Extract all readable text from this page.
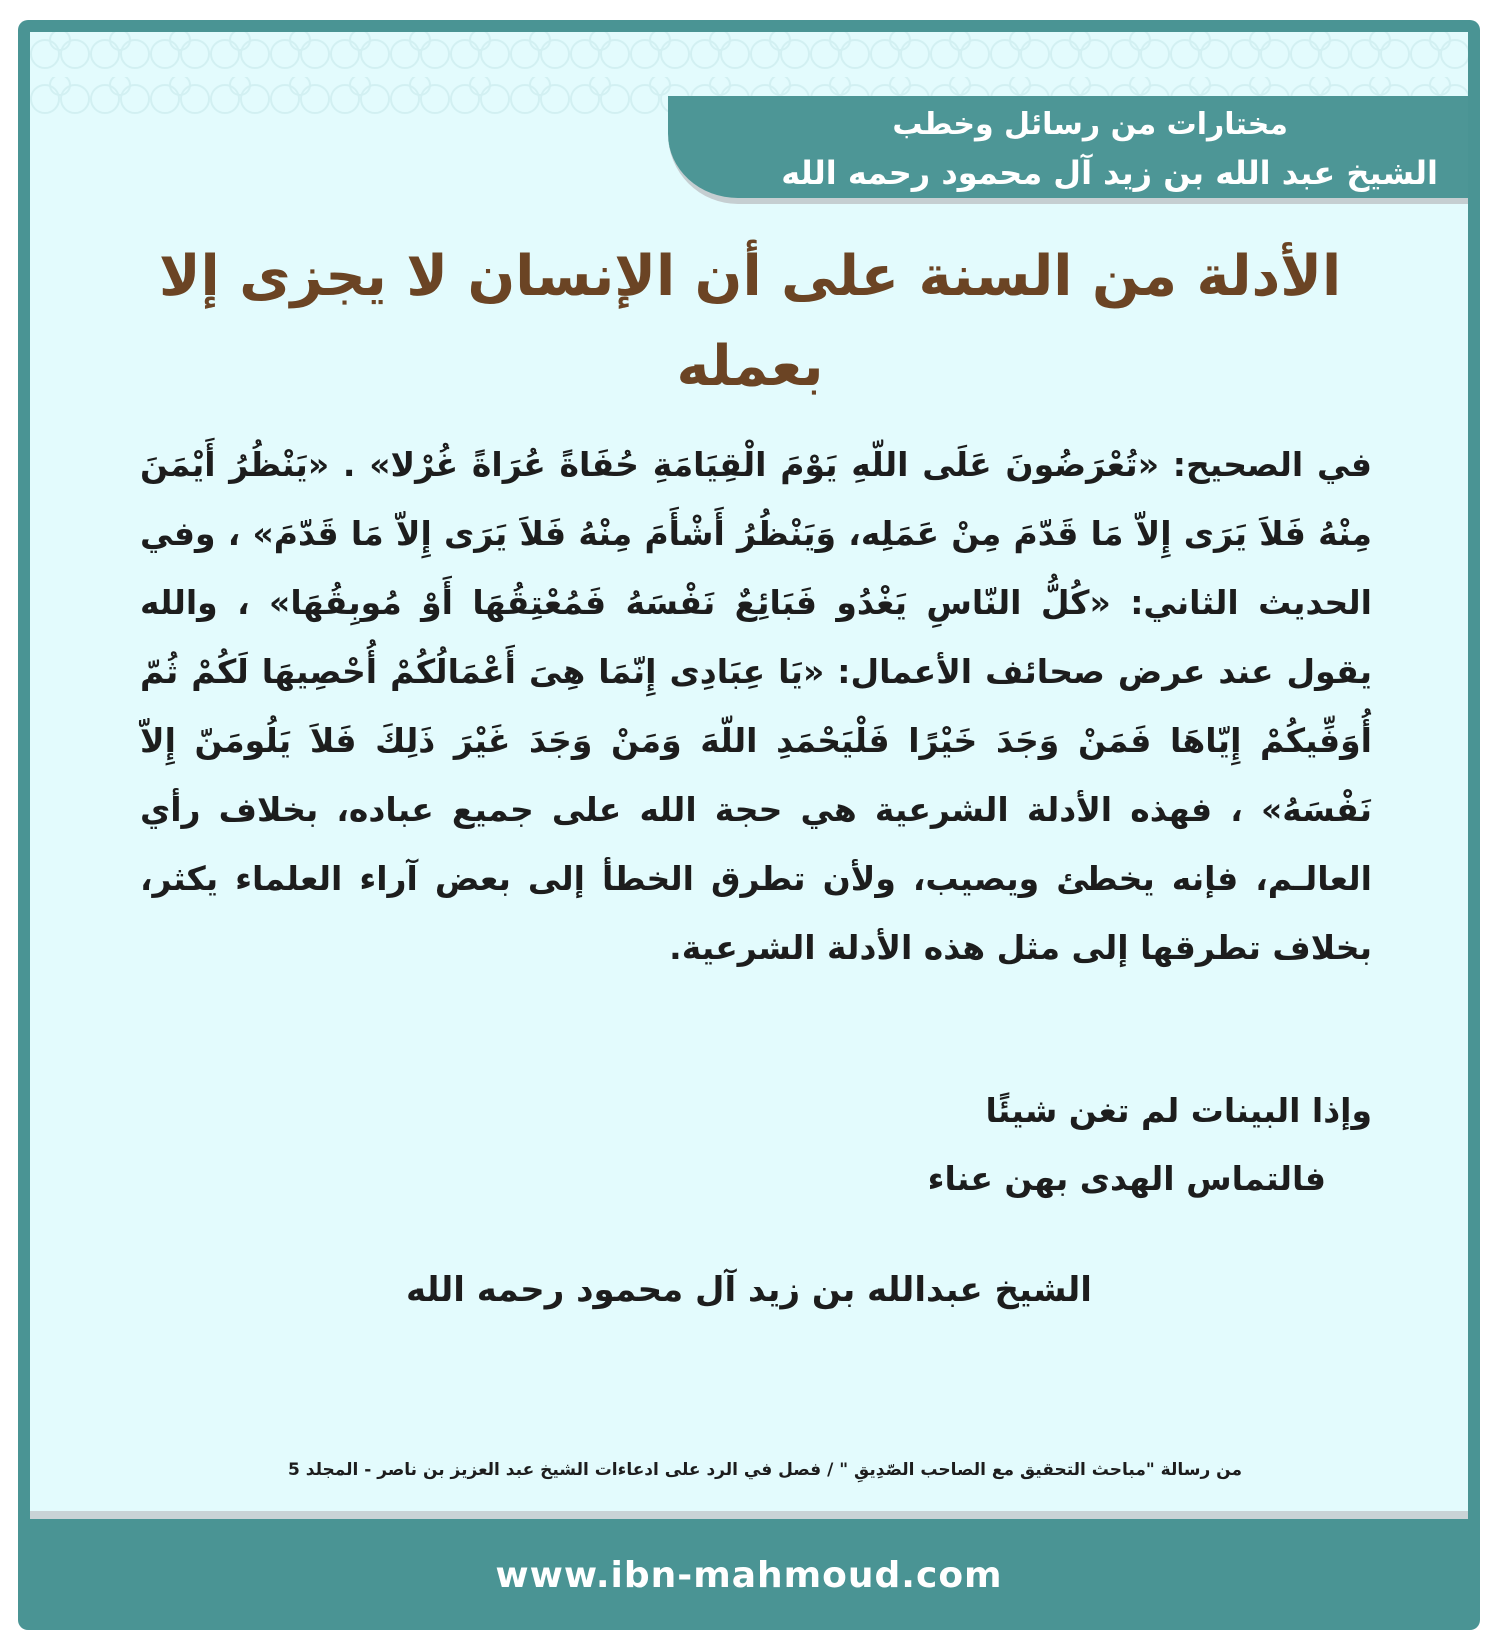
مختارات من رسائل وخطب
الشيخ عبد الله بن زيد آل محمود رحمه الله
الأدلة من السنة على أن الإنسان لا يجزى إلا بعمله

في الصحيح: «تُعْرَضُونَ عَلَى اللّهِ يَوْمَ الْقِيَامَةِ حُفَاةً عُرَاةً غُرْلا» . «يَنْظُرُ أَيْمَنَ مِنْهُ فَلاَ يَرَى إِلاّ مَا قَدّمَ مِنْ عَمَلِه، وَيَنْظُرُ أَشْأَمَ مِنْهُ فَلاَ يَرَى إِلاّ مَا قَدّمَ» ، وفي الحديث الثاني: «كُلُّ النّاسِ يَغْدُو فَبَائِعٌ نَفْسَهُ فَمُعْتِقُهَا أَوْ مُوبِقُهَا» ، والله يقول عند عرض صحائف الأعمال: «يَا عِبَادِى إِنّمَا هِىَ أَعْمَالُكُمْ أُحْصِيهَا لَكُمْ ثُمّ أُوَفِّيكُمْ إِيّاهَا فَمَنْ وَجَدَ خَيْرًا فَلْيَحْمَدِ اللّهَ وَمَنْ وَجَدَ غَيْرَ ذَلِكَ فَلاَ يَلُومَنّ إِلاّ نَفْسَهُ» ، فهذه الأدلة الشرعية هي حجة الله على جميع عباده، بخلاف رأي العالـم، فإنه يخطئ ويصيب، ولأن تطرق الخطأ إلى بعض آراء العلماء يكثر، بخلاف تطرقها إلى مثل هذه الأدلة الشرعية.

وإذا البينات لم تغن شيئًا
فالتماس الهدى بهن عناء
الشيخ عبدالله بن زيد آل محمود رحمه الله
من رسالة "مباحث التحقيق مع الصاحب الصّدِيقِ " / فصل في الرد على ادعاءات الشيخ عبد العزيز بن ناصر - المجلد 5
www.ibn-mahmoud.com
